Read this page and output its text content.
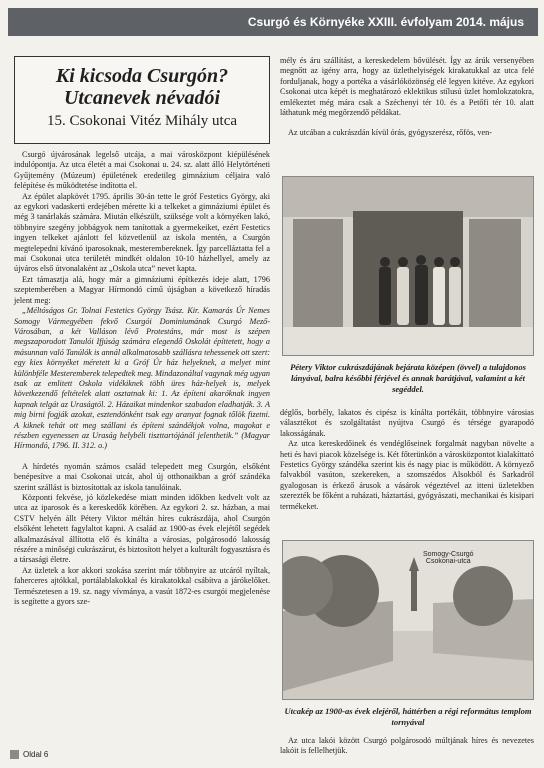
Csurgó és Környéke XXIII. évfolyam 2014. május
Ki kicsoda Csurgón?
Utcanevek névadói
15. Csokonai Vitéz Mihály utca

Csurgó újvárosának legelső utcája, a mai városközpont kiépülésének indulópontja. Az utca életét a mai Csokonai u. 24. sz. alatt álló Helytörténeti Gyűjtemény (Múzeum) épületének eredetileg gimnázium céljaira való felépítése és működtetése indította el.

Az épület alapkövét 1795. április 30-án tette le gróf Festetics György, aki az egykori vadaskerti erdejében mérette ki a telkeket a gimnáziumi épület és még 3 tanárlakás számára. Miután elkészült, szüksége volt a környéken lakó, többnyire szegény jobbágyok nem tanítottak a gyermekeiket, ezért Festetics ingyen telkeket ajánlott fel közvetlenül az iskola mentén, a Csurgón megtelepedni kívánó iparosoknak, mesterembereknek. Így parcelláztatta fel a mai Csokonai utca területét mindkét oldalon 10-10 házhellyel, amely az újváros első útvonalaként az „Oskola utca” nevet kapta.

Ezt támasztja alá, hogy már a gimnáziumi építkezés ideje alatt, 1796 szeptemberében a Magyar Hírmondó című újságban a következő híradás jelent meg:

„Méltóságos Gr. Tolnai Festetics György Tsász. Kir. Kamarás Úr Nemes Somogy Vármegyében fekvő Csurgói Dominiumának Csurgó Mező- Városában, a két Valláson lévő Protestáns, már most is szépen megszaporodott Tanulói Ifjúság számára elegendő Oskolát építtetett, hogy a másunnan való Tanúlók is annál alkalmatosabb szállásra tehessenek ott szert: egy kies környéket méretett ki a Gróf Úr ház helyeknek, a melyet mint különbféle Mesteremberek telepedtek meg. Mindazonáltal vagynak még ugyan tsak az emlitett Oskola vidékiknek töbh üres ház-helyek is, melyek következendő feltételek alatt osztatnak ki: 1. Az építeni akaróknak ingyen kapnak telgát az Uraságtól. 2. Házaikat mindenkor szabadon eladhatják. 3. A mig birni fogják azokat, esztendönként tsak egy aranyat fognak tőlök fizetni. A kiknek tehát ott meg szállani és építeni szándékjok volna, magokat e részben egyenessen az Uraság helybéli tiszttartójánál jelenthetik.” (Magyar Hírmondó, 1796. II. 312. o.)

A hírdetés nyomán számos család telepedett meg Csurgón, elsőként benépesítve a mai Csokonai utcát, ahol új otthonaikban a gróf szándéka szerint szállást is biztosítottak az iskola tanulóinak.

Központi fekvése, jó közlekedése miatt minden időkben kedvelt volt az utca az iparosok és a kereskedők körében. Az egykori 2. sz. házban, a mai CSTV helyén állt Pétery Viktor méltán híres cukrászdája, ahol Csurgón elsőként lehetett fagylaltot kapni. A család az 1900-as évek elejétől segédek alkalmazásával állította elő és kínálta a városias, polgárosodó lakosság részére a minőségi cukrászárut, és biztosított helyet a kulturált fogyasztásra és a társasági életre.

Az üzletek a kor akkori szokása szerint már többnyire az utcáról nyíltak, faherceres ajtókkal, portálablakokkal és kirakatokkal csábítva a járókelőket. Természetesen a 19. sz. nagy vívmánya, a vasút 1872-es csurgói megjelenése is segítette a gyors sze-

mély és áru szállítást, a kereskedelem bővülését. Így az árúk versenyében megnőtt az igény arra, hogy az üzlethelyiségek kirakatukkal az utca felé forduljanak, hogy a portéka a vásárlóközönség elé legyen kitéve. Az egykori Csokonai utca képét is meghatározó eklektikus stílusú üzlet homlokzatokra, emlékeztet még mára csak a Széchenyi tér 10. és a Petőfi tér 10. alatt láthatunk még megőrzendő példákat.

Az utcában a cukrászdán kívül órás, gyógyszerész, rőfös, ven-

Pétery Viktor cukrászdájának bejárata középen (övvel) a tulajdonos lányával, balra későbbi férjével és annak barátjával, valamint a két segéddel.

déglős, borbély, lakatos és cipész is kínálta portékáit, többnyire városias választékot és szolgáltatást nyújtva Csurgó és térsége gyarapodó lakosságának.

Az utca kereskedőinek és vendéglőseinek forgalmát nagyban növelte a heti és havi piacok közelsége is. Két főterünkön a városközpontot kialakíttató Festetics György szándéka szerint kis és nagy piac is működött. A környező falvakból vasúton, szekereken, a szomszédos Alsokból és Sarkadról gyalogosan is érkező árusok a vásárok végeztével az itteni üzletekben szerezték be főként a ruházati, háztartási, gyógyászati, mechanikai és kisipari termékeket.

Somogy-Csurgó
Csokonai-utca
Utcakép az 1900-as évek elejéről, háttérben a régi református templom tornyával

Az utca lakói között Csurgó polgárosodó múltjának híres és nevezetes lakóit is fellelhetjük.

Oldal 6
